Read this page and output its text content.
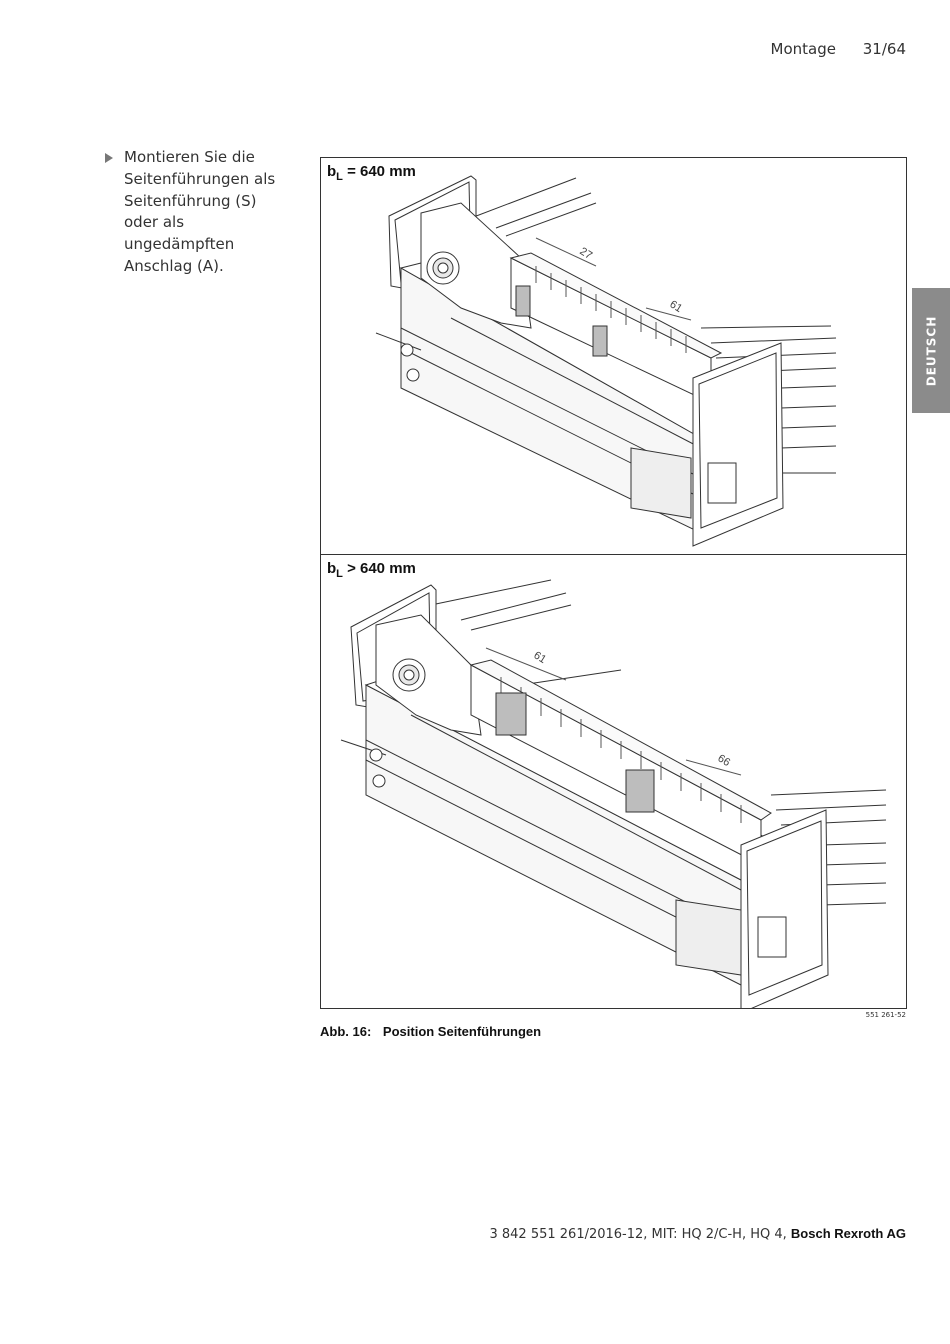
Montage 31/64
DEUTSCH
Montieren Sie die Seitenführungen als Seitenführung (S) oder als ungedämpften Anschlag (A).
27
61
$b_L = 640$ mm
61
66
$b_L > 640$ mm
551 261-52
Abb. 16: Position Seitenführungen
3 842 551 261/2016-12, MIT: HQ 2/C-H, HQ 4, Bosch Rexroth AG
